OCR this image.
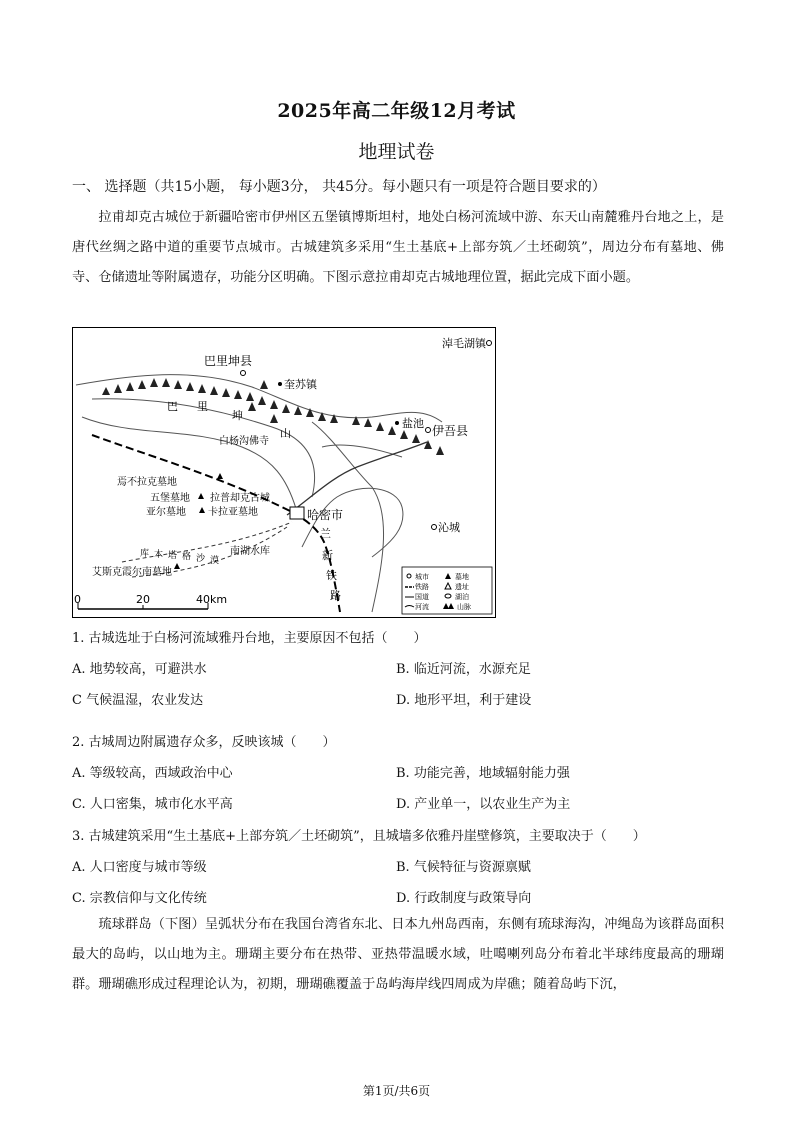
2025年高二年级12月考试
地理试卷
一、 选择题（共15小题， 每小题3分， 共45分。每小题只有一项是符合题目要求的）
拉甫却克古城位于新疆哈密市伊州区五堡镇博斯坦村，地处白杨河流域中游、东天山南麓雅丹台地之上，是唐代丝绸之路中道的重要节点城市。古城建筑多采用“生土基底+上部夯筑／土坯砌筑”，周边分布有墓地、佛寺、仓储遗址等附属遗存，功能分区明确。下图示意拉甫却克古城地理位置，据此完成下面小题。
巴 里
坤
山
兰
新
铁
路
库 木 塔 格 沙 漠
巴里坤县
淖毛湖镇
奎苏镇
盐池
伊吾县
白杨沟佛寺
焉不拉克墓地
五堡墓地
亚尔墓地
拉普却克古城
卡拉亚墓地	哈密市
沁城
南湖水库
艾斯克霞尔南墓地
0	20	40km
城市	墓地
铁路	遗址
国道	湖泊
河流	山脉
1. 古城选址于白杨河流域雅丹台地，主要原因不包括（　　）
A. 地势较高，可避洪水	B. 临近河流，水源充足
C 气候温湿，农业发达	D. 地形平坦，利于建设
2. 古城周边附属遗存众多，反映该城（　　）
A. 等级较高，西域政治中心	B. 功能完善，地域辐射能力强
C. 人口密集，城市化水平高	D. 产业单一，以农业生产为主
3. 古城建筑采用“生土基底+上部夯筑／土坯砌筑”，且城墙多依雅丹崖壁修筑，主要取决于（　　）
A. 人口密度与城市等级	B. 气候特征与资源禀赋
C. 宗教信仰与文化传统	D. 行政制度与政策导向
琉球群岛（下图）呈弧状分布在我国台湾省东北、日本九州岛西南，东侧有琉球海沟，冲绳岛为该群岛面积最大的岛屿，以山地为主。珊瑚主要分布在热带、亚热带温暖水域，吐噶喇列岛分布着北半球纬度最高的珊瑚群。珊瑚礁形成过程理论认为，初期，珊瑚礁覆盖于岛屿海岸线四周成为岸礁；随着岛屿下沉，
第1页/共6页
